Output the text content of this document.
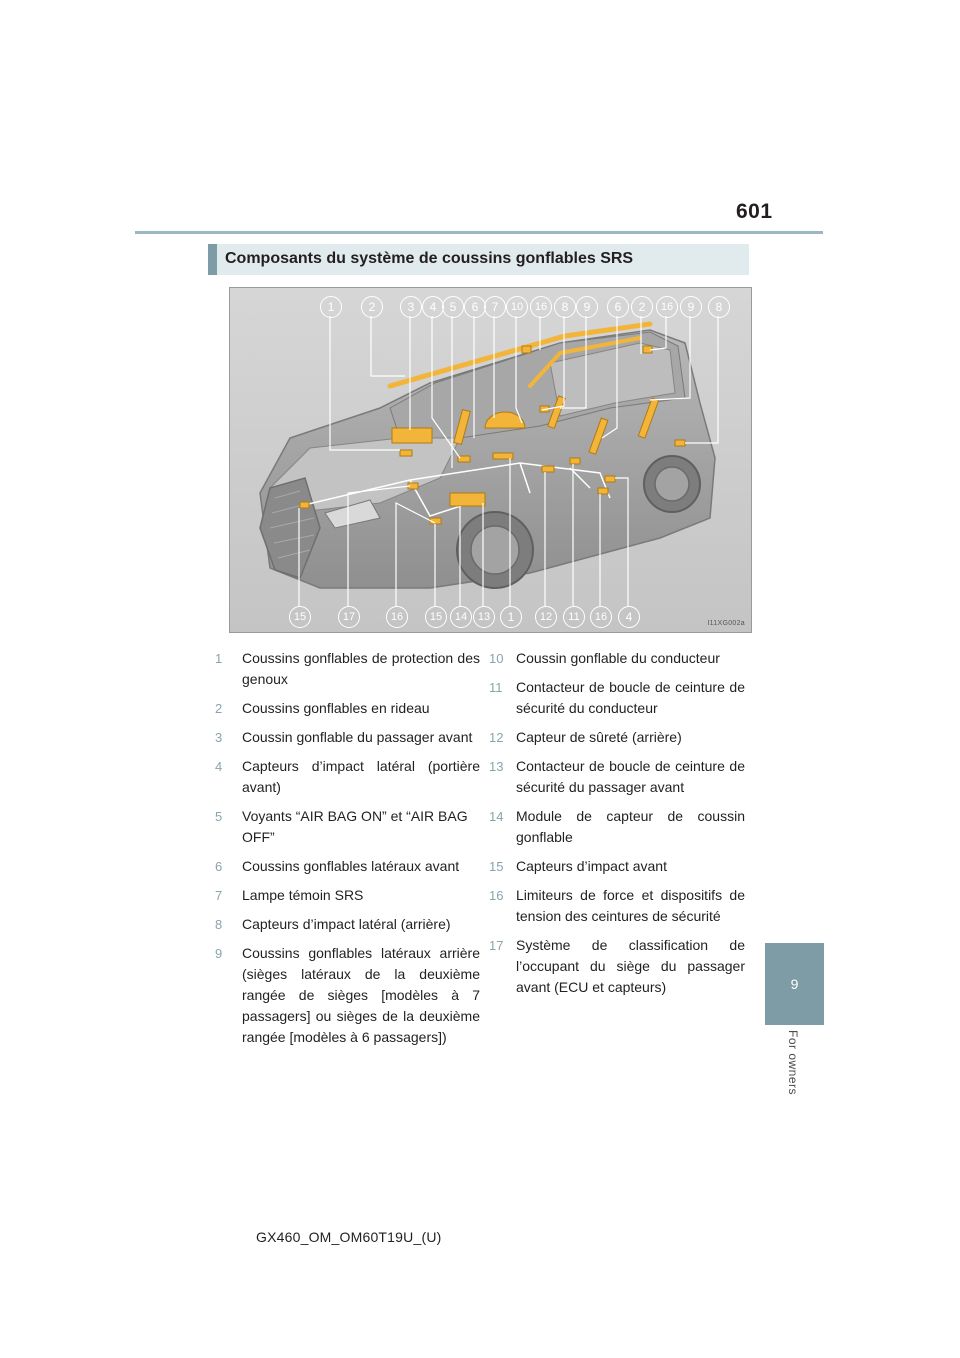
601
9
For owners
Composants du système de coussins gonflables SRS
1	2	3	4	5	6	7	10	16	8	9	6	2	16	9	8
15	17	16	15	14 13	1	12	11	16	4	I11XG002a
1 Coussins gonflables de protection des genoux
2 Coussins gonflables en rideau
3 Coussin gonflable du passager avant
4 Capteurs d’impact latéral (portière avant)
5 Voyants “AIR BAG ON” et “AIR BAG OFF”
6 Coussins gonflables latéraux avant
7 Lampe témoin SRS
8 Capteurs d’impact latéral (arrière)
9 Coussins gonflables latéraux arrière (sièges latéraux de la deuxième rangée de sièges [modèles à 7 passagers] ou sièges de la deuxième rangée [modèles à 6 passagers])
10 Coussin gonflable du conducteur
11 Contacteur de boucle de ceinture de sécurité du conducteur
12 Capteur de sûreté (arrière)
13 Contacteur de boucle de ceinture de sécurité du passager avant
14 Module de capteur de coussin gonflable
15 Capteurs d’impact avant
16 Limiteurs de force et dispositifs de tension des ceintures de sécurité
17 Système de classification de l’occupant du siège du passager avant (ECU et capteurs)
GX460_OM_OM60T19U_(U)
